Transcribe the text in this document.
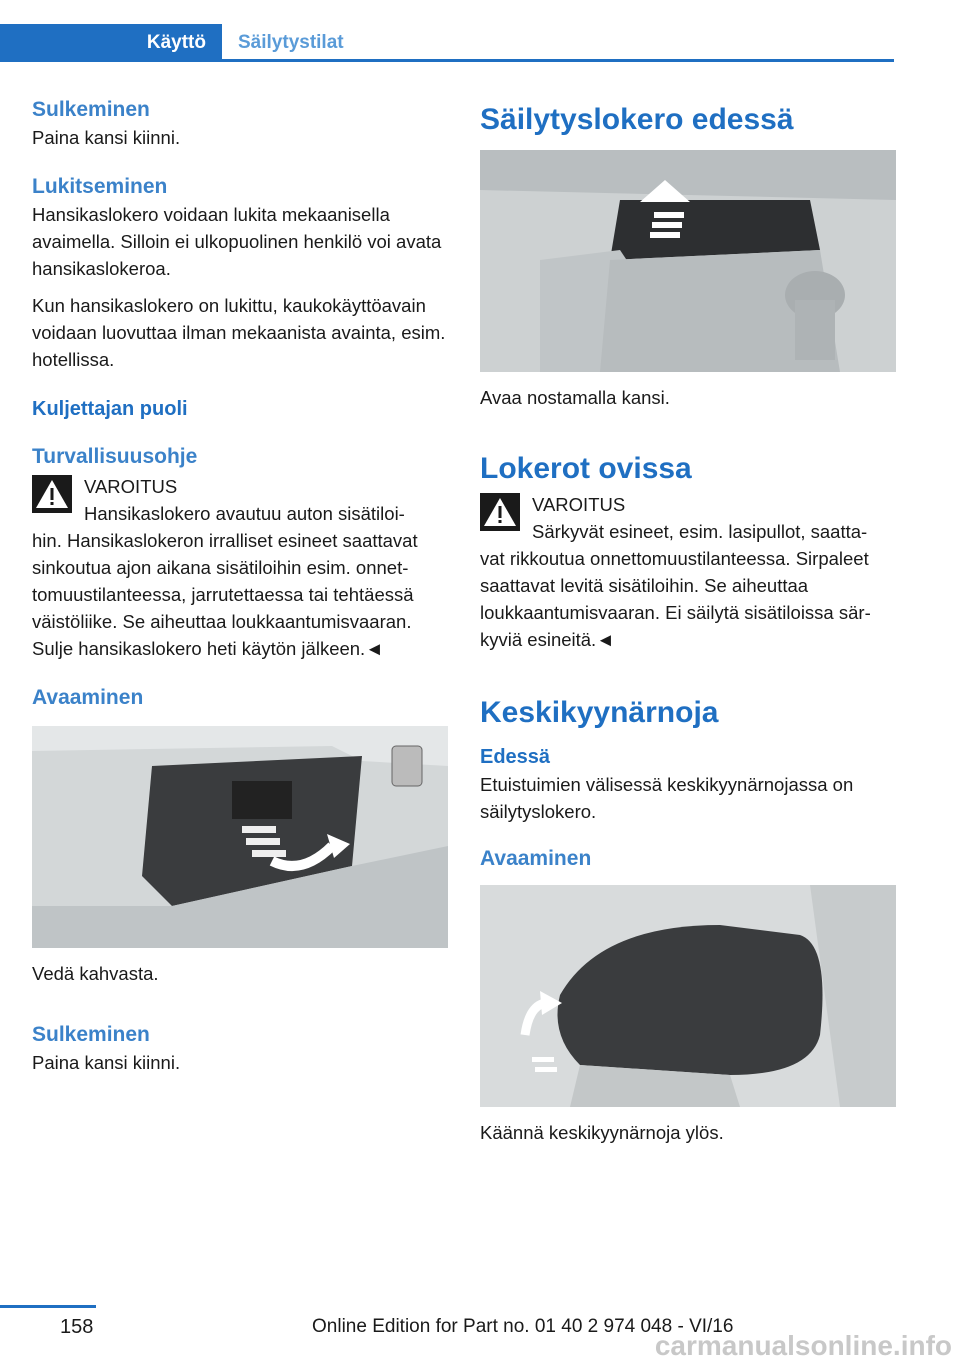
Käyttö	Säilytystilat
Sulkeminen

Paina kansi kiinni.

Lukitseminen

Hansikaslokero voidaan lukita mekaanisella avaimella. Silloin ei ulkopuolinen henkilö voi avata hansikaslokeroa.

Kun hansikaslokero on lukittu, kaukokäyttöavain voidaan luovuttaa ilman mekaanista avainta, esim. hotellissa.

Kuljettajan puoli
Turvallisuusohje
VAROITUS
Hansikaslokero avautuu auton sisätiloi-
hin. Hansikaslokeron irralliset esineet saattavat sinkoutua ajon aikana sisätiloihin esim. onnettomuustilanteessa, jarrutettaessa tai tehtäessä väistöliike. Se aiheuttaa loukkaantumisvaaran. Sulje hansikaslokero heti käytön jälkeen.◄
Avaaminen

Vedä kahvasta.

Sulkeminen

Paina kansi kiinni.

Säilytyslokero edessä

Avaa nostamalla kansi.

Lokerot ovissa
VAROITUS
Särkyvät esineet, esim. lasipullot, saatta-
vat rikkoutua onnettomuustilanteessa. Sirpaleet saattavat levitä sisätiloihin. Se aiheuttaa loukkaantumisvaaran. Ei säilytä sisätiloissa särkyviä esineitä.◄
Keskikyynärnoja
Edessä

Etuistuimien välisessä keskikyynärnojassa on säilytyslokero.

Avaaminen

Käännä keskikyynärnoja ylös.

158	Online Edition for Part no. 01 40 2 974 048 - VI/16
carmanualsonline.info
